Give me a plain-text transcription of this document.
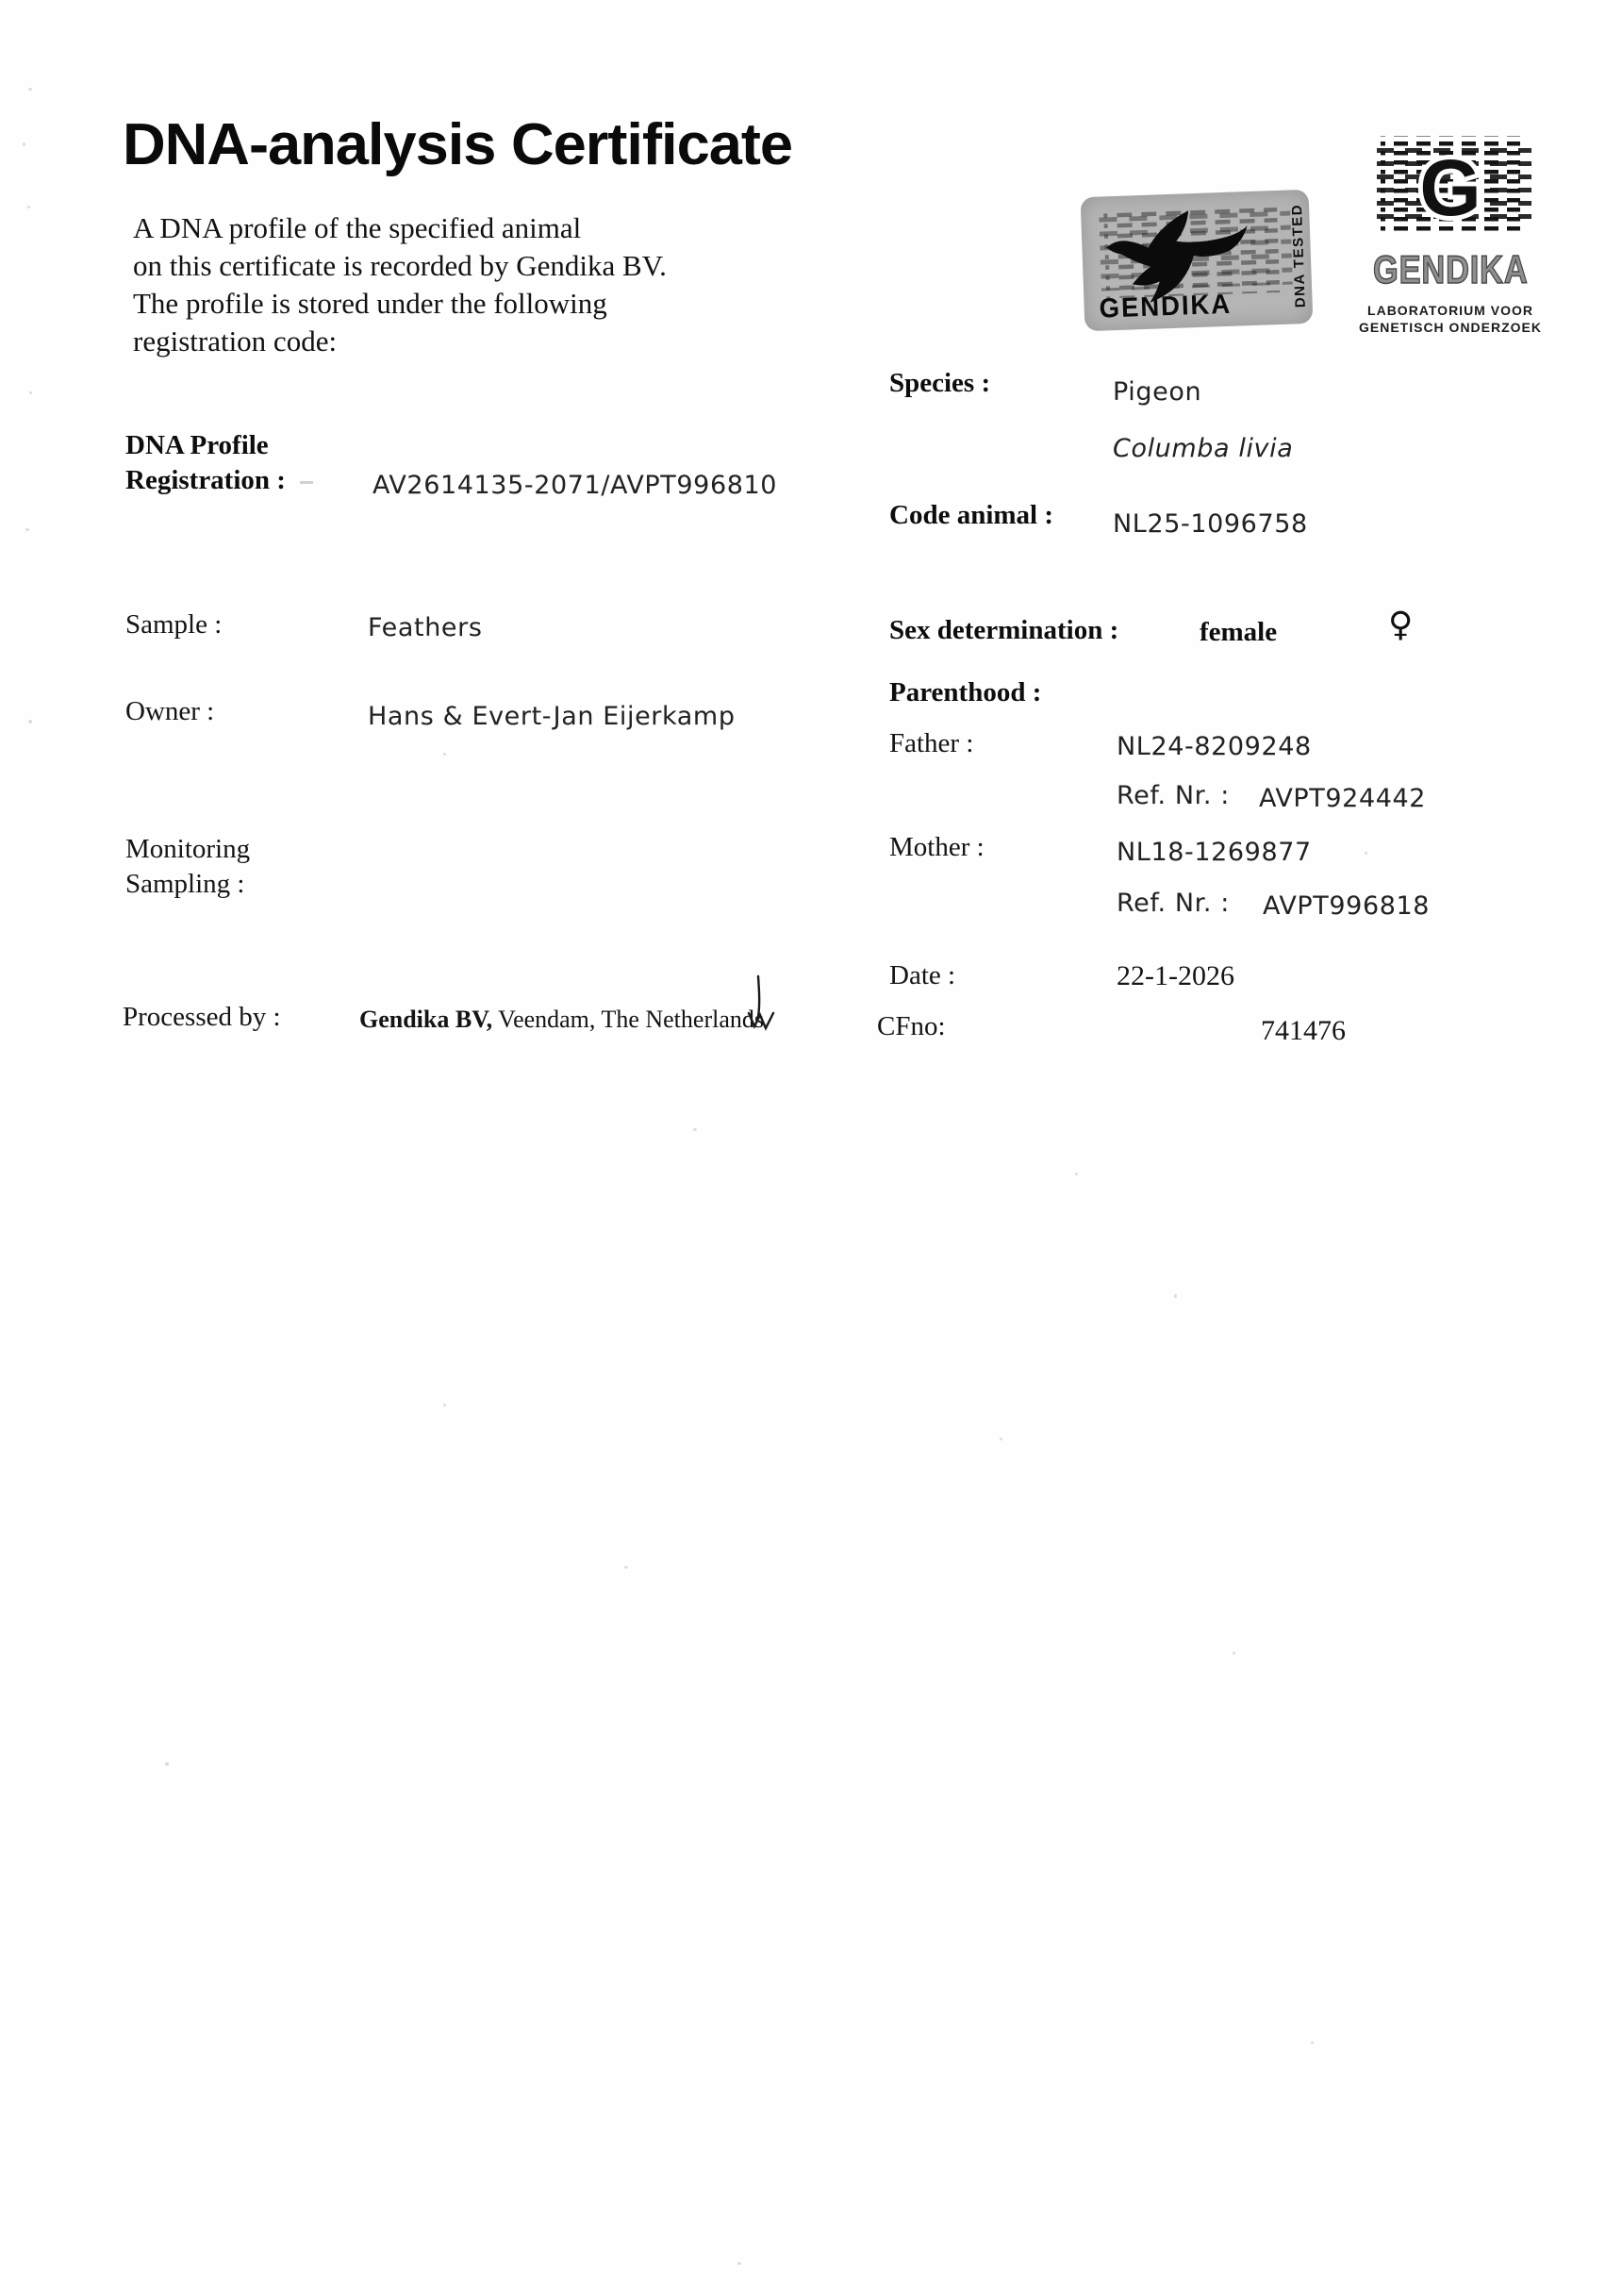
DNA-analysis Certificate
A DNA profile of the specified animal
on this certificate is recorded by Gendika BV.
The profile is stored under the following
registration code:
GENDIKA	DNA TESTED
G
GENDIKA
LABORATORIUM VOOR
GENETISCH ONDERZOEK
DNA Profile
Registration :	AV2614135-2071/AVPT996810
Sample :	Feathers
Owner :	Hans & Evert-Jan Eijerkamp
Monitoring
Sampling :
Processed by :	Gendika BV, Veendam, The Netherlands
Species :	Pigeon
Columba livia
Code animal : NL25-1096758
Sex determination :	female	♀
Parenthood :
Father :	NL24-8209248
Ref. Nr. : AVPT924442
Mother :	NL18-1269877
Ref. Nr. : AVPT996818
Date :	22-1-2026
CFno:	741476
